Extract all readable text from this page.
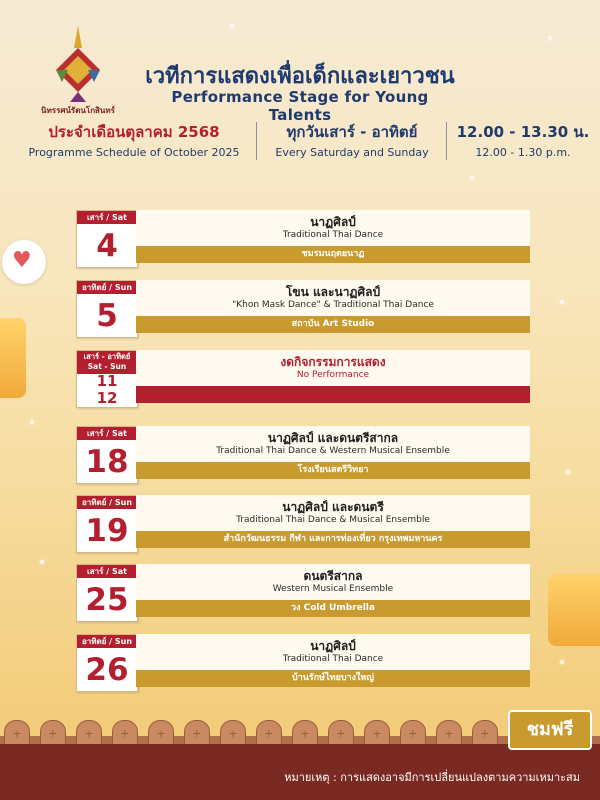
♥
นิทรรศน์รัตนโกสินทร์
เวทีการแสดงเพื่อเด็กและเยาวชน
Performance Stage for Young Talents
ประจำเดือนตุลาคม 2568
Programme Schedule of October 2025
ทุกวันเสาร์ - อาทิตย์
Every Saturday and Sunday
12.00 - 13.30 น.
12.00 - 1.30 p.m.
เสาร์ / Sat
4
นาฏศิลป์
Traditional Thai Dance
ชมรมนฤตยนาฏ
อาทิตย์ / Sun
5
โขน และนาฏศิลป์
"Khon Mask Dance" & Traditional Thai Dance
สถาบัน Art Studio
เสาร์ - อาทิตย์
Sat - Sun
11
12
งดกิจกรรมการแสดง
No Performance
เสาร์ / Sat
18
นาฏศิลป์ และดนตรีสากล
Traditional Thai Dance & Western Musical Ensemble
โรงเรียนสตรีวิทยา
อาทิตย์ / Sun
19
นาฏศิลป์ และดนตรี
Traditional Thai Dance & Musical Ensemble
สำนักวัฒนธรรม กีฬา และการท่องเที่ยว กรุงเทพมหานคร
เสาร์ / Sat
25
ดนตรีสากล
Western Musical Ensemble
วง Cold Umbrella
อาทิตย์ / Sun
26
นาฏศิลป์
Traditional Thai Dance
บ้านรักษ์ไทยบางใหญ่
+
+
+
+
+
+
+
+
+
+
+
+
+
+
ชมฟรี
หมายเหตุ : การแสดงอาจมีการเปลี่ยนแปลงตามความเหมาะสม
